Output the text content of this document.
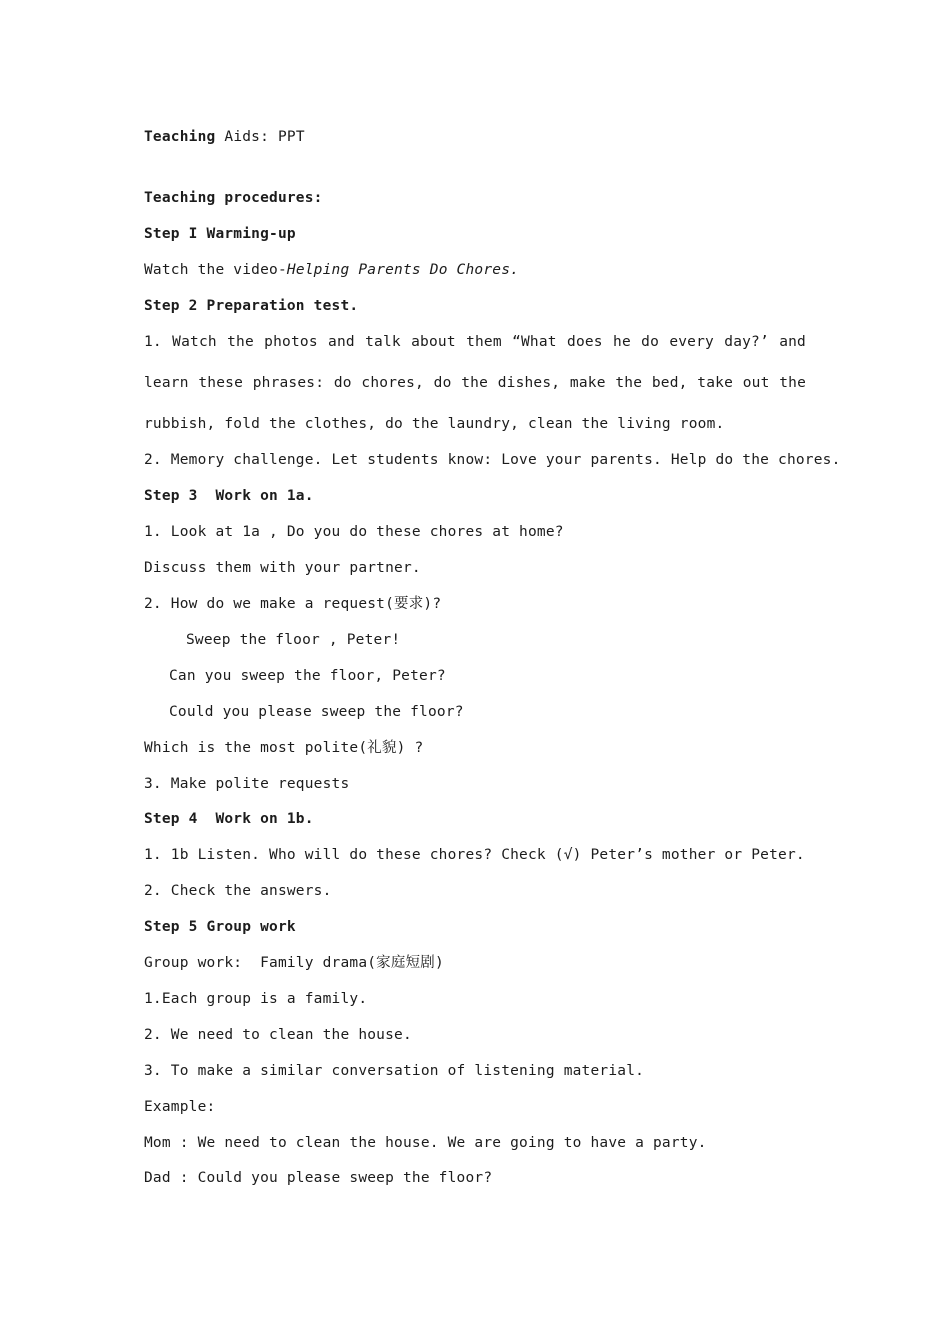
Teaching Aids: PPT
Teaching procedures:
Step I Warming-up
Watch the video-Helping Parents Do Chores.
Step 2 Preparation test.
1. Watch the photos and talk about them “What does he do every day?’ and
learn these phrases: do chores, do the dishes, make the bed, take out the
rubbish, fold the clothes, do the laundry, clean the living room.
2. Memory challenge. Let students know: Love your parents. Help do the chores.
Step 3  Work on 1a.
1. Look at 1a , Do you do these chores at home?
Discuss them with your partner.
2. How do we make a request(要求)?
Sweep the floor , Peter!
Can you sweep the floor, Peter?
Could you please sweep the floor?
Which is the most polite(礼貌) ?
3. Make polite requests
Step 4  Work on 1b.
1. 1b Listen. Who will do these chores? Check (√) Peter’s mother or Peter.
2. Check the answers.
Step 5 Group work
Group work:  Family drama(家庭短剧)
1.Each group is a family.
2. We need to clean the house.
3. To make a similar conversation of listening material.
Example:
Mom : We need to clean the house. We are going to have a party.
Dad : Could you please sweep the floor?
